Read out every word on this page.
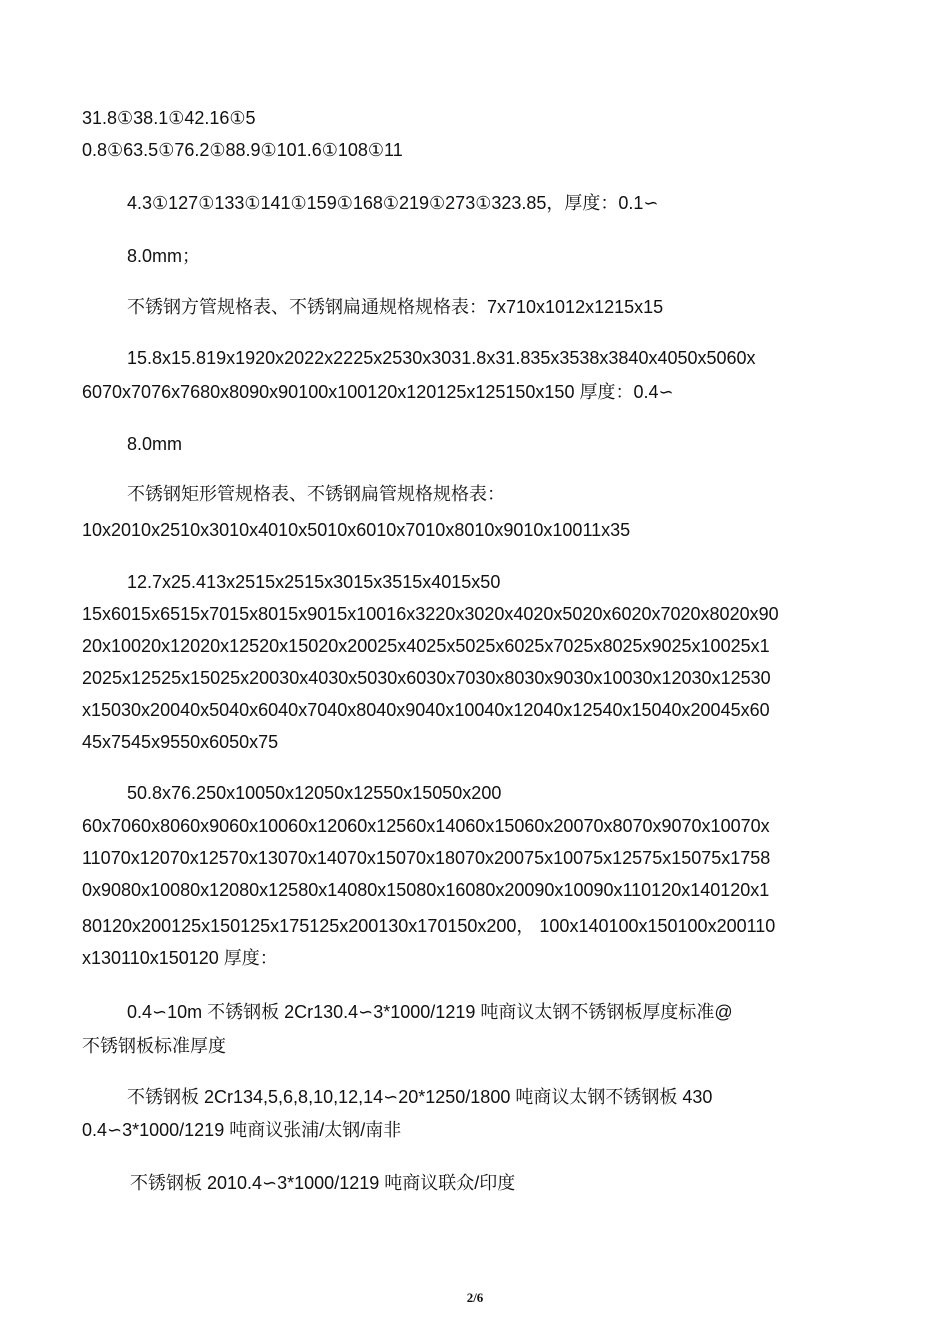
31.8①38.1①42.16①5
0.8①63.5①76.2①88.9①101.6①108①11
4.3①127①133①141①159①168①219①273①323.85，厚度：0.1∽
8.0mm；
不锈钢方管规格表、不锈钢扁通规格规格表：7x710x1012x1215x15
15.8x15.819x1920x2022x2225x2530x3031.8x31.835x3538x3840x4050x5060x
6070x7076x7680x8090x90100x100120x120125x125150x150 厚度：0.4∽
8.0mm
不锈钢矩形管规格表、不锈钢扁管规格规格表：
10x2010x2510x3010x4010x5010x6010x7010x8010x9010x10011x35
12.7x25.413x2515x2515x3015x3515x4015x50
15x6015x6515x7015x8015x9015x10016x3220x3020x4020x5020x6020x7020x8020x90
20x10020x12020x12520x15020x20025x4025x5025x6025x7025x8025x9025x10025x1
2025x12525x15025x20030x4030x5030x6030x7030x8030x9030x10030x12030x12530
x15030x20040x5040x6040x7040x8040x9040x10040x12040x12540x15040x20045x60
45x7545x9550x6050x75
50.8x76.250x10050x12050x12550x15050x200
60x7060x8060x9060x10060x12060x12560x14060x15060x20070x8070x9070x10070x
11070x12070x12570x13070x14070x15070x18070x20075x10075x12575x15075x1758
0x9080x10080x12080x12580x14080x15080x16080x20090x10090x110120x140120x1
80120x200125x150125x175125x200130x170150x200， 100x140100x150100x200110
x130110x150120 厚度：
0.4∽10m 不锈钢板 2Cr130.4∽3*1000/1219 吨商议太钢不锈钢板厚度标准@
不锈钢板标准厚度
不锈钢板 2Cr134,5,6,8,10,12,14∽20*1250/1800 吨商议太钢不锈钢板 430
0.4∽3*1000/1219 吨商议张浦/太钢/南非
不锈钢板 2010.4∽3*1000/1219 吨商议联众/印度
2/6
